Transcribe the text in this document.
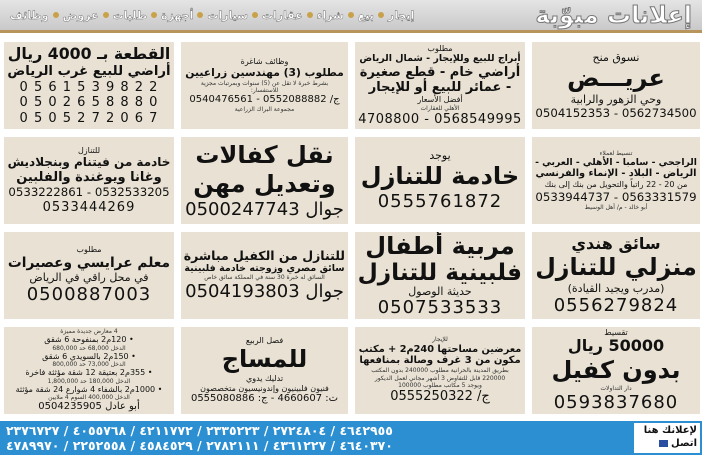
إعلانات مبوّبة
إيجار
بيع
شراء
عقارات
سيارات
أجهزة
طلبات
عروض
وظائف
نسوق منح
عريـــض
وحي الزهور والرابية
0504152353 - 0562734500
مطلوب
أبراج للبيع وللإيجار - شمال الرياض
أراضي خام - قطع صغيرة
- عمائر للبيع أو للإيجار
أفضل الأسعار
الأهلي للعقارات
4708800 - 0568549995
وظائف شاغرة
مطلوب (3) مهندسين زراعيين
بشرط خبرة لا تقل عن (5) سنوات وبمرتبات مجزية
للاستفسار:
0540476561 - 0552088882 /ج
مجموعة البراك الزراعية
القطعة بـ 4000 ريال
أراضي للبيع غرب الرياض
0 5 6 1 5 3 9 8 2 2
0 5 0 2 6 5 8 8 8 0
0 5 0 5 2 7 2 0 6 7
تنسيط لعملاء
الراجحي - سامبا - الأهلي - العربي -
الرياض - البلاد - الإنماء والفرنسي
من 20 - 22 راتباً والتحويل من بنك إلى بنك
0533944737 - 0563331579
أبو خالد - م/ أهل الوسيط
يوجد
خادمة للتنازل
0555761872
نقل كفالات
وتعديل مهن
0500247743 جوال
للتنازل
خادمة من فيتنام وبنجلاديش
وغانا ويوغندة والفلبين
0533222861 - 0532533205
0533444269
سائق هندي
منزلي للتنازل
(مدرب ويجيد القيادة)
0556279824
مربية أطفال
فلبينية للتنازل
حديثة الوصول
0507533533
للتنازل من الكفيل مباشرة
سائق مصري وزوجته خادمة فلبينية
السائق له خبرة 30 سنة في المملكة سائق خاص
0504193803 جوال
مطلوب
معلم عرايسي وعصيرات
في محل راقي في الرياض
0500887003
تقسيط
50000 ريال
بدون كفيل
دار التداولات
0593837680
للإيجار
معرضين مساحتها 240م2 + مكتب
مكون من 3 غرف وصالة بمنافعها
بطريق المدينة بالحرانية مطلوب 240000 بدون المكتب
220000 قابل للتفاوض 3 أشهر مجاني لعمل الديكور
ويوجد 5 مكاتب مطلوب 100000
0555250322 /ج
فصل الربيع
للمساج
تدليك يدوي
فنيون فلبينيون وإندونيسيون متخصصون
ت: 4660607 - ج: 0555080886
4 معارض جديدة مميزة
• 120م2 بمنفوحة 6 شقق
الدخل 68,000 حد 680,000
• 150م2 بالسويدي 6 شقق
الدخل 73,000 حد 800,000
• 355م2 بعتيقة 12 شقة مؤثثة فاخرة
الدخل 180,000 حد 1,800,000
• 1000م2 بالشفاء 4 شوارع 24 شقة مؤثثة
الدخل 400,000 السوم 4 ملايين
0504235905 أبو عادل
٤٦٤٢٩٥٥ / ٢٧٢٤٨٠٤ / ٢٣٣٥٢٢٣ / ٤٢١١٧٧٢ / ٤٠٥٥٧٦٨ / ٢٣٧٦٧٢٧
٤٦٤٠٣٧٠ / ٤٣٦١٢٢٧ / ٢٧٨٢١١١ / ٤٥٨٤٥٢٩ / ٢٢٥٢٥٥٨ / ٤٧٨٩٩٧٠
لإعلانك هنا
اتصل
